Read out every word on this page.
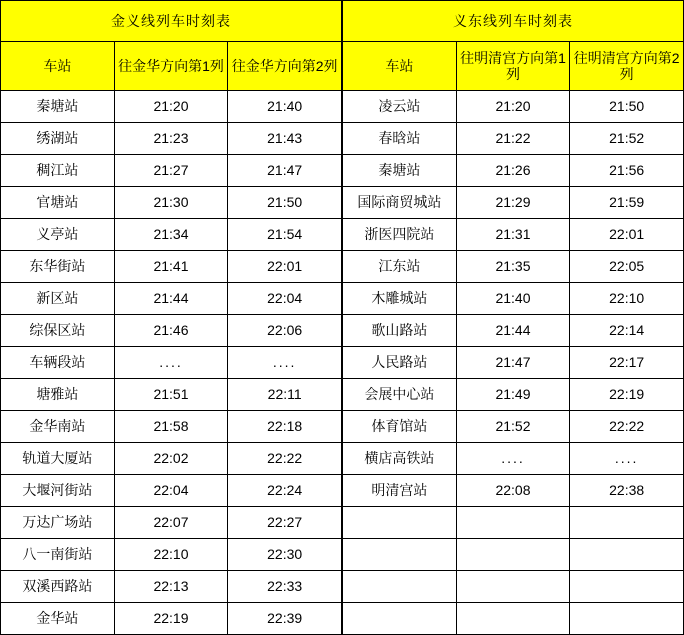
金义线列车时刻表		
车站	往金华方向第1列	往金华方向第2列
秦塘站	21:20	21:40
绣湖站	21:23	21:43
稠江站	21:27	21:47
官塘站	21:30	21:50
义亭站	21:34	21:54
东华街站	21:41	22:01
新区站	21:44	22:04
综保区站	21:46	22:06
车辆段站	....	....
塘雅站	21:51	22:11
金华南站	21:58	22:18
轨道大厦站	22:02	22:22
大堰河街站	22:04	22:24
万达广场站	22:07	22:27
八一南街站	22:10	22:30
双溪西路站	22:13	22:33
金华站	22:19	22:39
义东线列车时刻表		
车站	往明清宫方向第1列	往明清宫方向第2列
凌云站	21:20	21:50
春晗站	21:22	21:52
秦塘站	21:26	21:56
国际商贸城站	21:29	21:59
浙医四院站	21:31	22:01
江东站	21:35	22:05
木雕城站	21:40	22:10
歌山路站	21:44	22:14
人民路站	21:47	22:17
会展中心站	21:49	22:19
体育馆站	21:52	22:22
横店高铁站	....	....
明清宫站	22:08	22:38
